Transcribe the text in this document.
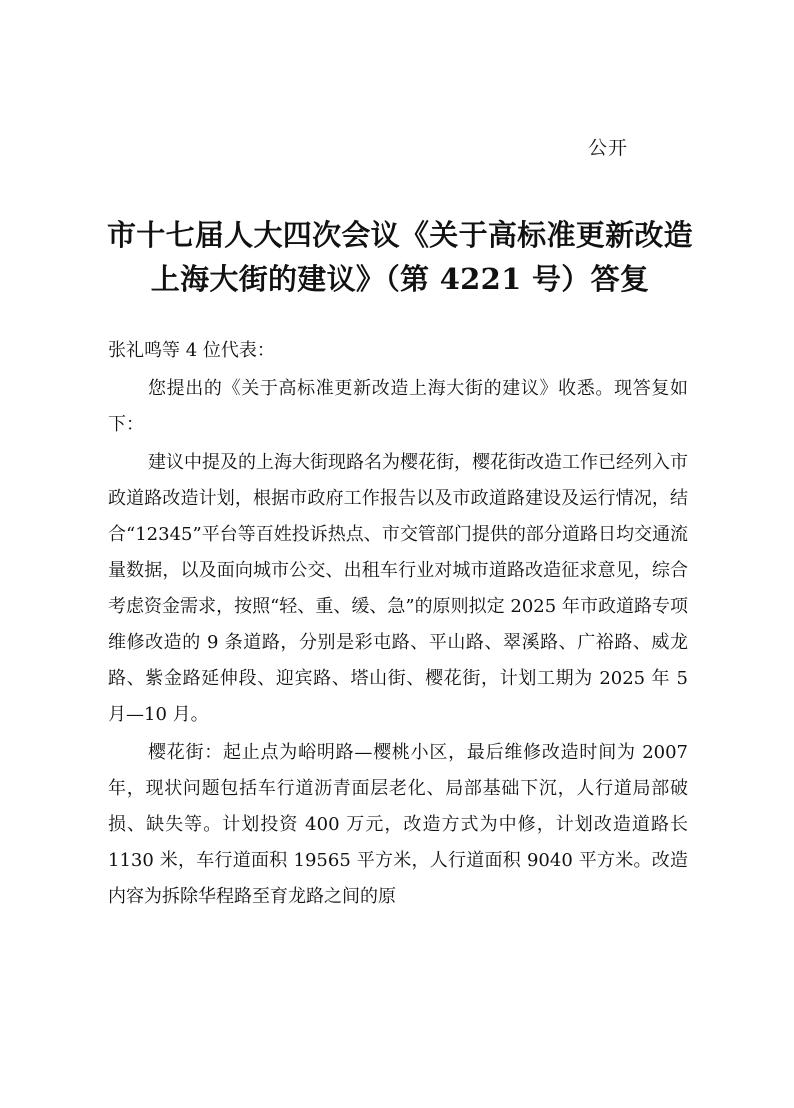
公开
市十七届人大四次会议《关于高标准更新改造
上海大街的建议》（第 4221 号）答复

张礼鸣等 4 位代表：

您提出的《关于高标准更新改造上海大街的建议》收悉。现答复如下：

建议中提及的上海大街现路名为樱花街，樱花街改造工作已经列入市政道路改造计划，根据市政府工作报告以及市政道路建设及运行情况，结合“12345”平台等百姓投诉热点、市交管部门提供的部分道路日均交通流量数据，以及面向城市公交、出租车行业对城市道路改造征求意见，综合考虑资金需求，按照“轻、重、缓、急”的原则拟定 2025 年市政道路专项维修改造的 9 条道路，分别是彩屯路、平山路、翠溪路、广裕路、威龙路、紫金路延伸段、迎宾路、塔山街、樱花街，计划工期为 2025 年 5 月—10 月。

樱花街：起止点为峪明路—樱桃小区，最后维修改造时间为 2007 年，现状问题包括车行道沥青面层老化、局部基础下沉，人行道局部破损、缺失等。计划投资 400 万元，改造方式为中修，计划改造道路长 1130 米，车行道面积 19565 平方米，人行道面积 9040 平方米。改造内容为拆除华程路至育龙路之间的原
